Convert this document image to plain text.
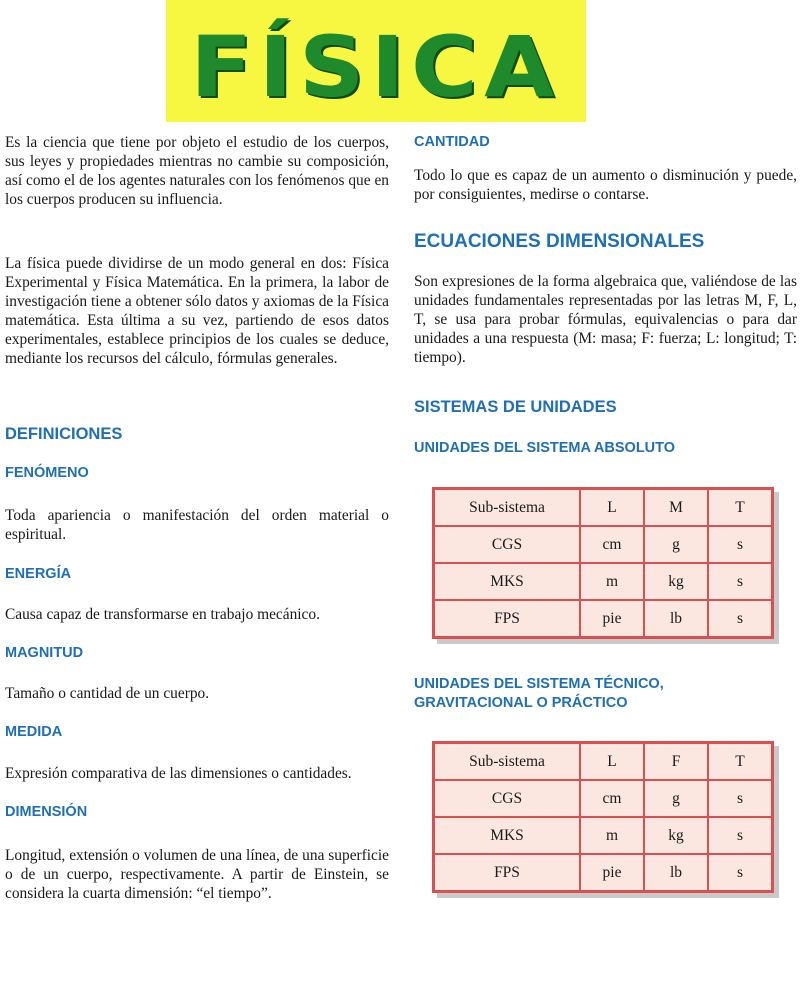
FÍSICA

Es la ciencia que tiene por objeto el estudio de los cuerpos, sus leyes y propiedades mientras no cambie su composición, así como el de los agentes naturales con los fenómenos que en los cuerpos producen su influencia.

La física puede dividirse de un modo general en dos: Física Experimental y Física Matemática. En la primera, la labor de investigación tiene a obtener sólo datos y axiomas de la Física matemática. Esta última a su vez, partiendo de esos datos experimentales, establece principios de los cuales se deduce, mediante los recursos del cálculo, fórmulas generales.

DEFINICIONES
FENÓMENO

Toda apariencia o manifestación del orden material o espiritual.

ENERGÍA

Causa capaz de transformarse en trabajo mecánico.

MAGNITUD

Tamaño o cantidad de un cuerpo.

MEDIDA

Expresión comparativa de las dimensiones o cantidades.

DIMENSIÓN

Longitud, extensión o volumen de una línea, de una superficie o de un cuerpo, respectivamente. A partir de Einstein, se considera la cuarta dimensión: “el tiempo”.

CANTIDAD

Todo lo que es capaz de un aumento o disminución y puede, por consiguientes, medirse o contarse.

ECUACIONES DIMENSIONALES

Son expresiones de la forma algebraica que, valiéndose de las unidades fundamentales representadas por las letras M, F, L, T, se usa para probar fórmulas, equivalencias o para dar unidades a una respuesta (M: masa; F: fuerza; L: longitud; T: tiempo).

SISTEMAS DE UNIDADES
UNIDADES DEL SISTEMA ABSOLUTO
Sub-sistema	L	M	T
CGS	cm	g	s
MKS	m	kg	s
FPS	pie	lb	s
UNIDADES DEL SISTEMA TÉCNICO,
GRAVITACIONAL O PRÁCTICO
Sub-sistema	L	F	T
CGS	cm	g	s
MKS	m	kg	s
FPS	pie	lb	s
